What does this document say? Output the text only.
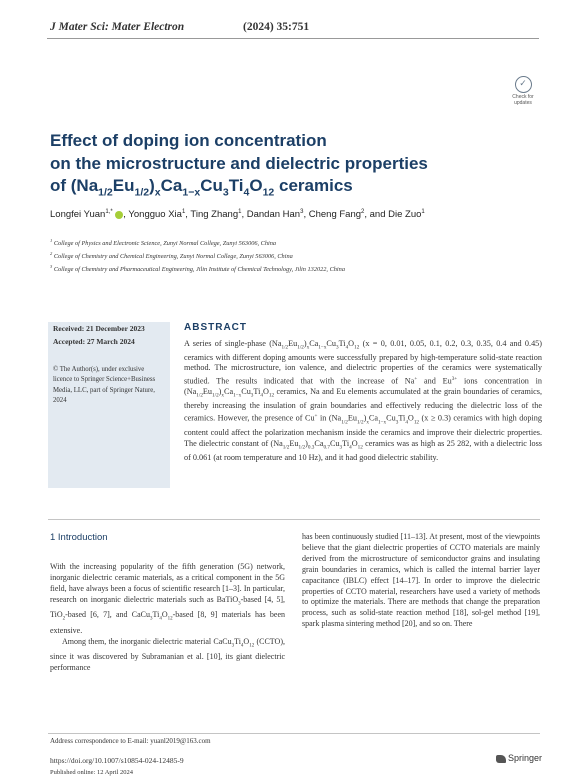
J Mater Sci: Mater Electron	(2024) 35:751
✓
Check for
updates
Effect of doping ion concentration
on the microstructure and dielectric properties
of $(Na_{1/2}Eu_{1/2})_xCa_{1-x}Cu_3Ti_4O_{12}$ ceramics
Longfei Yuan$^{1,*}$ , Yongguo Xia$^1$, Ting Zhang$^1$, Dandan Han$^3$, Cheng Fang$^2$, and Die Zuo$^1$
$^1$ College of Physics and Electronic Science, Zunyi Normal College, Zunyi 563006, China
$^2$ College of Chemistry and Chemical Engineering, Zunyi Normal College, Zunyi 563006, China
$^3$ College of Chemistry and Pharmaceutical Engineering, Jilin Institute of Chemical Technology, Jilin 132022, China
Received: 21 December 2023
Accepted: 27 March 2024
© The Author(s), under exclusive licence to Springer Science+Business Media, LLC, part of Springer Nature, 2024
ABSTRACT
A series of single-phase $(Na_{1/2}Eu_{1/2})_xCa_{1-x}Cu_3Ti_4O_{12}$ (x = 0, 0.01, 0.05, 0.1, 0.2, 0.3, 0.35, 0.4 and 0.45) ceramics with different doping amounts were successfully prepared by high-temperature solid-state reaction method. The microstructure, ion valence, and dielectric properties of the ceramics were systematically studied. The results indicated that with the increase of Na+ and $Eu^{3+}$ ions concentration in $(Na_{1/2}Eu_{1/2})_xCa_{1-x}Cu_3Ti_4O_{12}$ ceramics, Na and Eu elements accumulated at the grain boundaries of ceramics, thereby increasing the insulation of grain boundaries and effectively reducing the dielectric loss of the ceramics. However, the presence of Cu+ in $(Na_{1/2}Eu_{1/2})_xCa_{1-x}Cu_3Ti_4O_{12}$ (x ≥ 0.3) ceramics with high doping content could affect the polarization mechanism inside the ceramics and improve their dielectric properties. The dielectric constant of $(Na_{1/2}Eu_{1/2})_{0.3}Ca_{0.7}Cu_3Ti_4O_{12}$ ceramics was as high as 25 282, with a dielectric loss of 0.061 (at room temperature and 10 Hz), and it had good dielectric stability.
1 Introduction
With the increasing popularity of the fifth generation (5G) network, inorganic dielectric ceramic materials, as a critical component in the 5G field, have always been a focus of scientific research [1–3]. In particular, research on inorganic dielectric materials such as BaTiO$_3$-based [4, 5], TiO$_2$-based [6, 7], and $CaCu_3Ti_4O_{12}$-based [8, 9] materials has been extensive.
Among them, the inorganic dielectric material $CaCu_3Ti_4O_{12}$ (CCTO), since it was discovered by Subramanian et al. [10], its giant dielectric performance
has been continuously studied [11–13]. At present, most of the viewpoints believe that the giant dielectric properties of CCTO materials are mainly derived from the microstructure of semiconductor grains and insulating grain boundaries in ceramics, which is called the internal barrier layer capacitance (IBLC) effect [14–17]. In order to improve the dielectric properties of CCTO material, researchers have used a variety of methods to optimize the materials. There are methods that change the preparation process, such as solid-state reaction method [18], sol-gel method [19], spark plasma sintering method [20], and so on. There
Address correspondence to E-mail: yuanl2019@163.com
https://doi.org/10.1007/s10854-024-12485-9
Published online: 12 April 2024
Springer
